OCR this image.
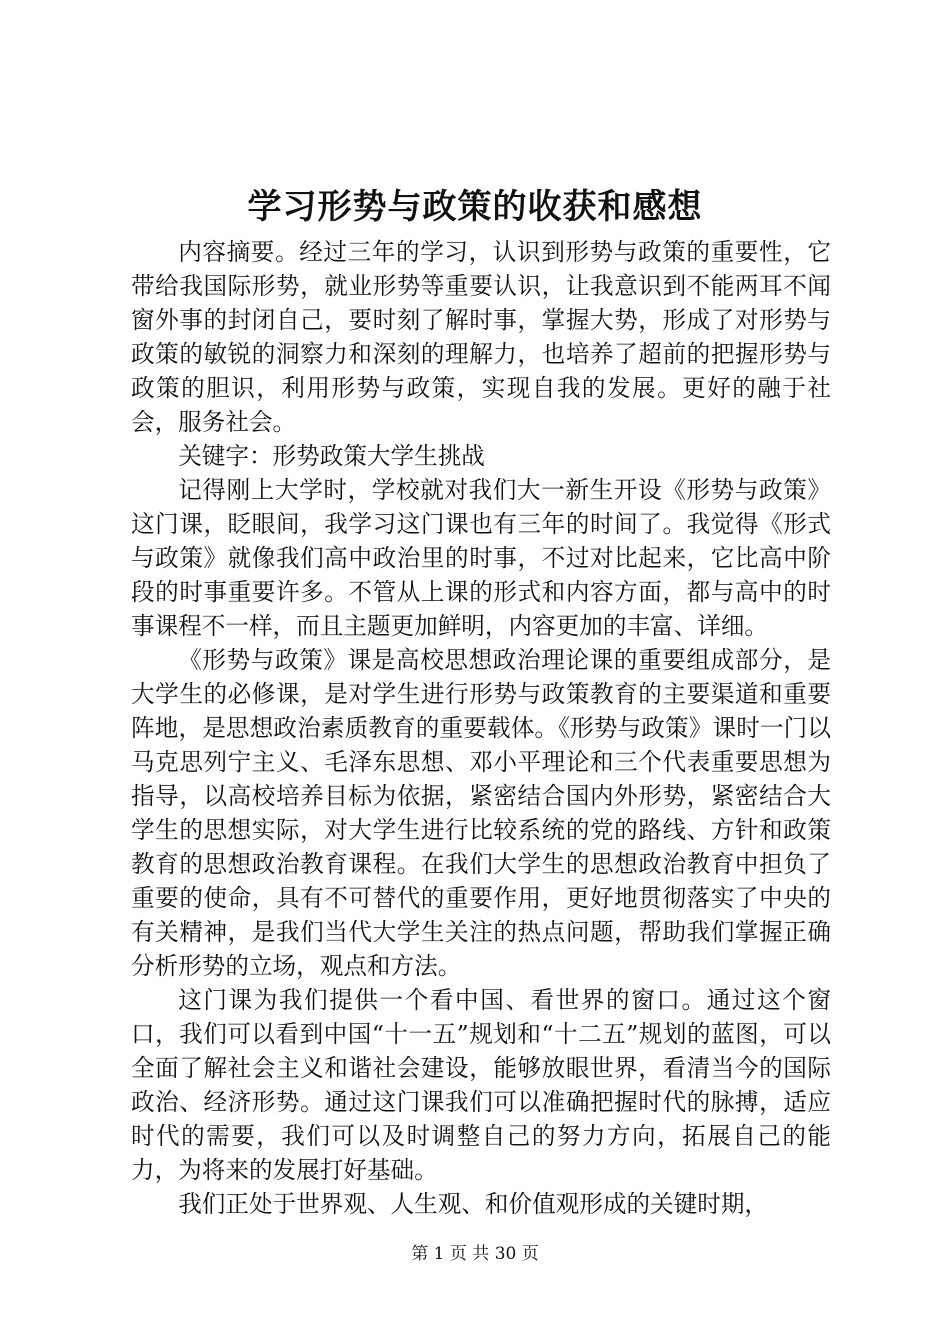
学习形势与政策的收获和感想

内容摘要。经过三年的学习，认识到形势与政策的重要性，它带给我国际形势，就业形势等重要认识，让我意识到不能两耳不闻窗外事的封闭自己，要时刻了解时事，掌握大势，形成了对形势与政策的敏锐的洞察力和深刻的理解力，也培养了超前的把握形势与政策的胆识，利用形势与政策，实现自我的发展。更好的融于社会，服务社会。

关键字：形势政策大学生挑战

记得刚上大学时，学校就对我们大一新生开设《形势与政策》这门课，眨眼间，我学习这门课也有三年的时间了。我觉得《形式与政策》就像我们高中政治里的时事，不过对比起来，它比高中阶段的时事重要许多。不管从上课的形式和内容方面，都与高中的时事课程不一样，而且主题更加鲜明，内容更加的丰富、详细。

《形势与政策》课是高校思想政治理论课的重要组成部分，是大学生的必修课，是对学生进行形势与政策教育的主要渠道和重要阵地，是思想政治素质教育的重要载体。《形势与政策》课时一门以马克思列宁主义、毛泽东思想、邓小平理论和三个代表重要思想为指导，以高校培养目标为依据，紧密结合国内外形势，紧密结合大学生的思想实际，对大学生进行比较系统的党的路线、方针和政策教育的思想政治教育课程。在我们大学生的思想政治教育中担负了重要的使命，具有不可替代的重要作用，更好地贯彻落实了中央的有关精神，是我们当代大学生关注的热点问题，帮助我们掌握正确分析形势的立场，观点和方法。

这门课为我们提供一个看中国、看世界的窗口。通过这个窗口，我们可以看到中国“十一五”规划和“十二五”规划的蓝图，可以全面了解社会主义和谐社会建设，能够放眼世界，看清当今的国际政治、经济形势。通过这门课我们可以准确把握时代的脉搏，适应时代的需要，我们可以及时调整自己的努力方向，拓展自己的能力，为将来的发展打好基础。

我们正处于世界观、人生观、和价值观形成的关键时期，

第 1 页 共 30 页
